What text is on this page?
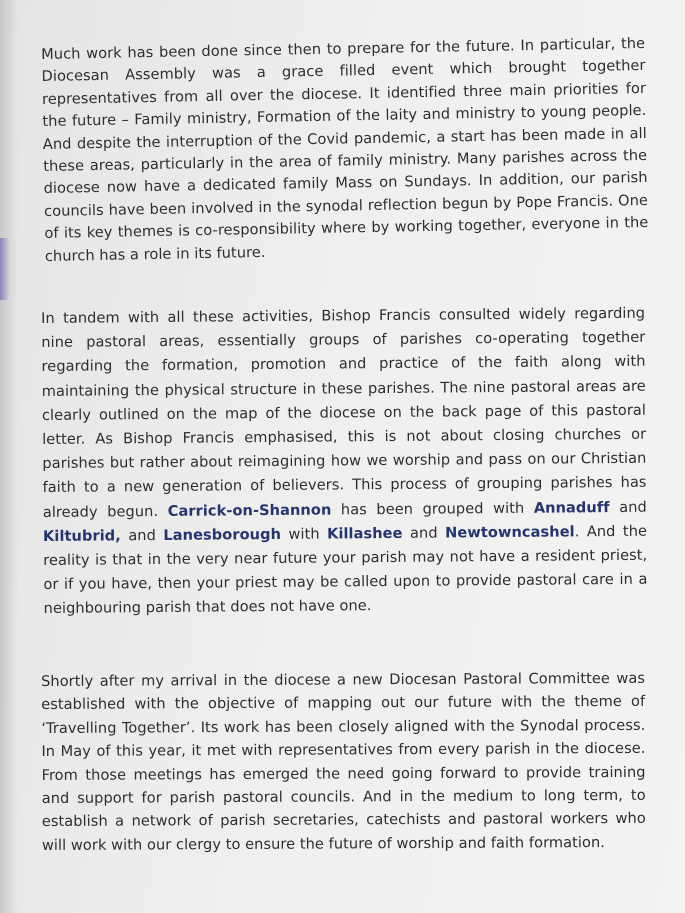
Much work has been done since then to prepare for the future. In particular, the Diocesan Assembly was a grace filled event which brought together representatives from all over the diocese. It identified three main priorities for the future – Family ministry, Formation of the laity and ministry to young people. And despite the interruption of the Covid pandemic, a start has been made in all these areas, particularly in the area of family ministry. Many parishes across the diocese now have a dedicated family Mass on Sundays. In addition, our parish councils have been involved in the synodal reflection begun by Pope Francis. One of its key themes is co-responsibility where by working together, everyone in the church has a role in its future.

In tandem with all these activities, Bishop Francis consulted widely regarding nine pastoral areas, essentially groups of parishes co-operating together regarding the formation, promotion and practice of the faith along with maintaining the physical structure in these parishes. The nine pastoral areas are clearly outlined on the map of the diocese on the back page of this pastoral letter. As Bishop Francis emphasised, this is not about closing churches or parishes but rather about reimagining how we worship and pass on our Christian faith to a new generation of believers. This process of grouping parishes has already begun. Carrick-on-Shannon has been grouped with Annaduff and Kiltubrid, and Lanesborough with Killashee and Newtowncashel. And the reality is that in the very near future your parish may not have a resident priest, or if you have, then your priest may be called upon to provide pastoral care in a neighbouring parish that does not have one.

Shortly after my arrival in the diocese a new Diocesan Pastoral Committee was established with the objective of mapping out our future with the theme of ‘Travelling Together’. Its work has been closely aligned with the Synodal process. In May of this year, it met with representatives from every parish in the diocese. From those meetings has emerged the need going forward to provide training and support for parish pastoral councils. And in the medium to long term, to establish a network of parish secretaries, catechists and pastoral workers who will work with our clergy to ensure the future of worship and faith formation.
